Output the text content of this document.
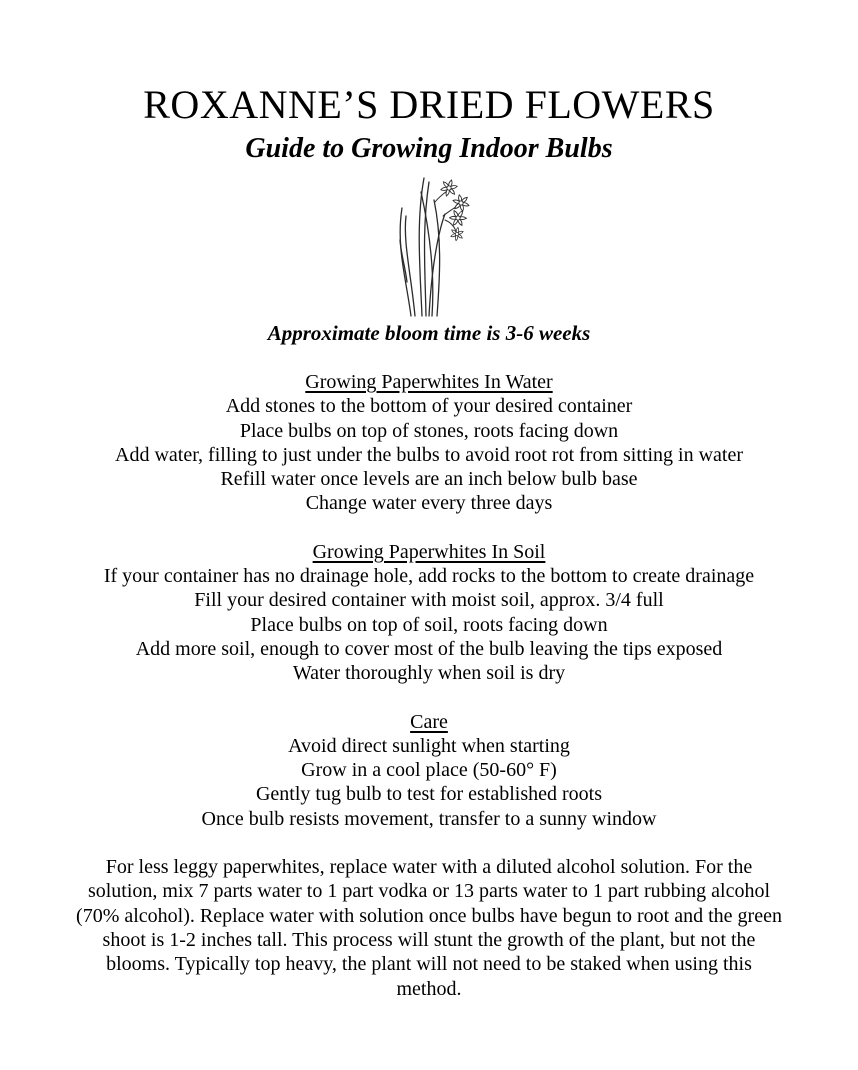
ROXANNE’S DRIED FLOWERS
Guide to Growing Indoor Bulbs

Approximate bloom time is 3-6 weeks

Growing Paperwhites In Water

Add stones to the bottom of your desired container

Place bulbs on top of stones, roots facing down

Add water, filling to just under the bulbs to avoid root rot from sitting in water

Refill water once levels are an inch below bulb base

Change water every three days

Growing Paperwhites In Soil

If your container has no drainage hole, add rocks to the bottom to create drainage

Fill your desired container with moist soil, approx. 3/4 full

Place bulbs on top of soil, roots facing down

Add more soil, enough to cover most of the bulb leaving the tips exposed

Water thoroughly when soil is dry

Care

Avoid direct sunlight when starting

Grow in a cool place (50-60° F)

Gently tug bulb to test for established roots

Once bulb resists movement, transfer to a sunny window

For less leggy paperwhites, replace water with a diluted alcohol solution. For the solution, mix 7 parts water to 1 part vodka or 13 parts water to 1 part rubbing alcohol (70% alcohol). Replace water with solution once bulbs have begun to root and the green shoot is 1-2 inches tall. This process will stunt the growth of the plant, but not the blooms. Typically top heavy, the plant will not need to be staked when using this method.
